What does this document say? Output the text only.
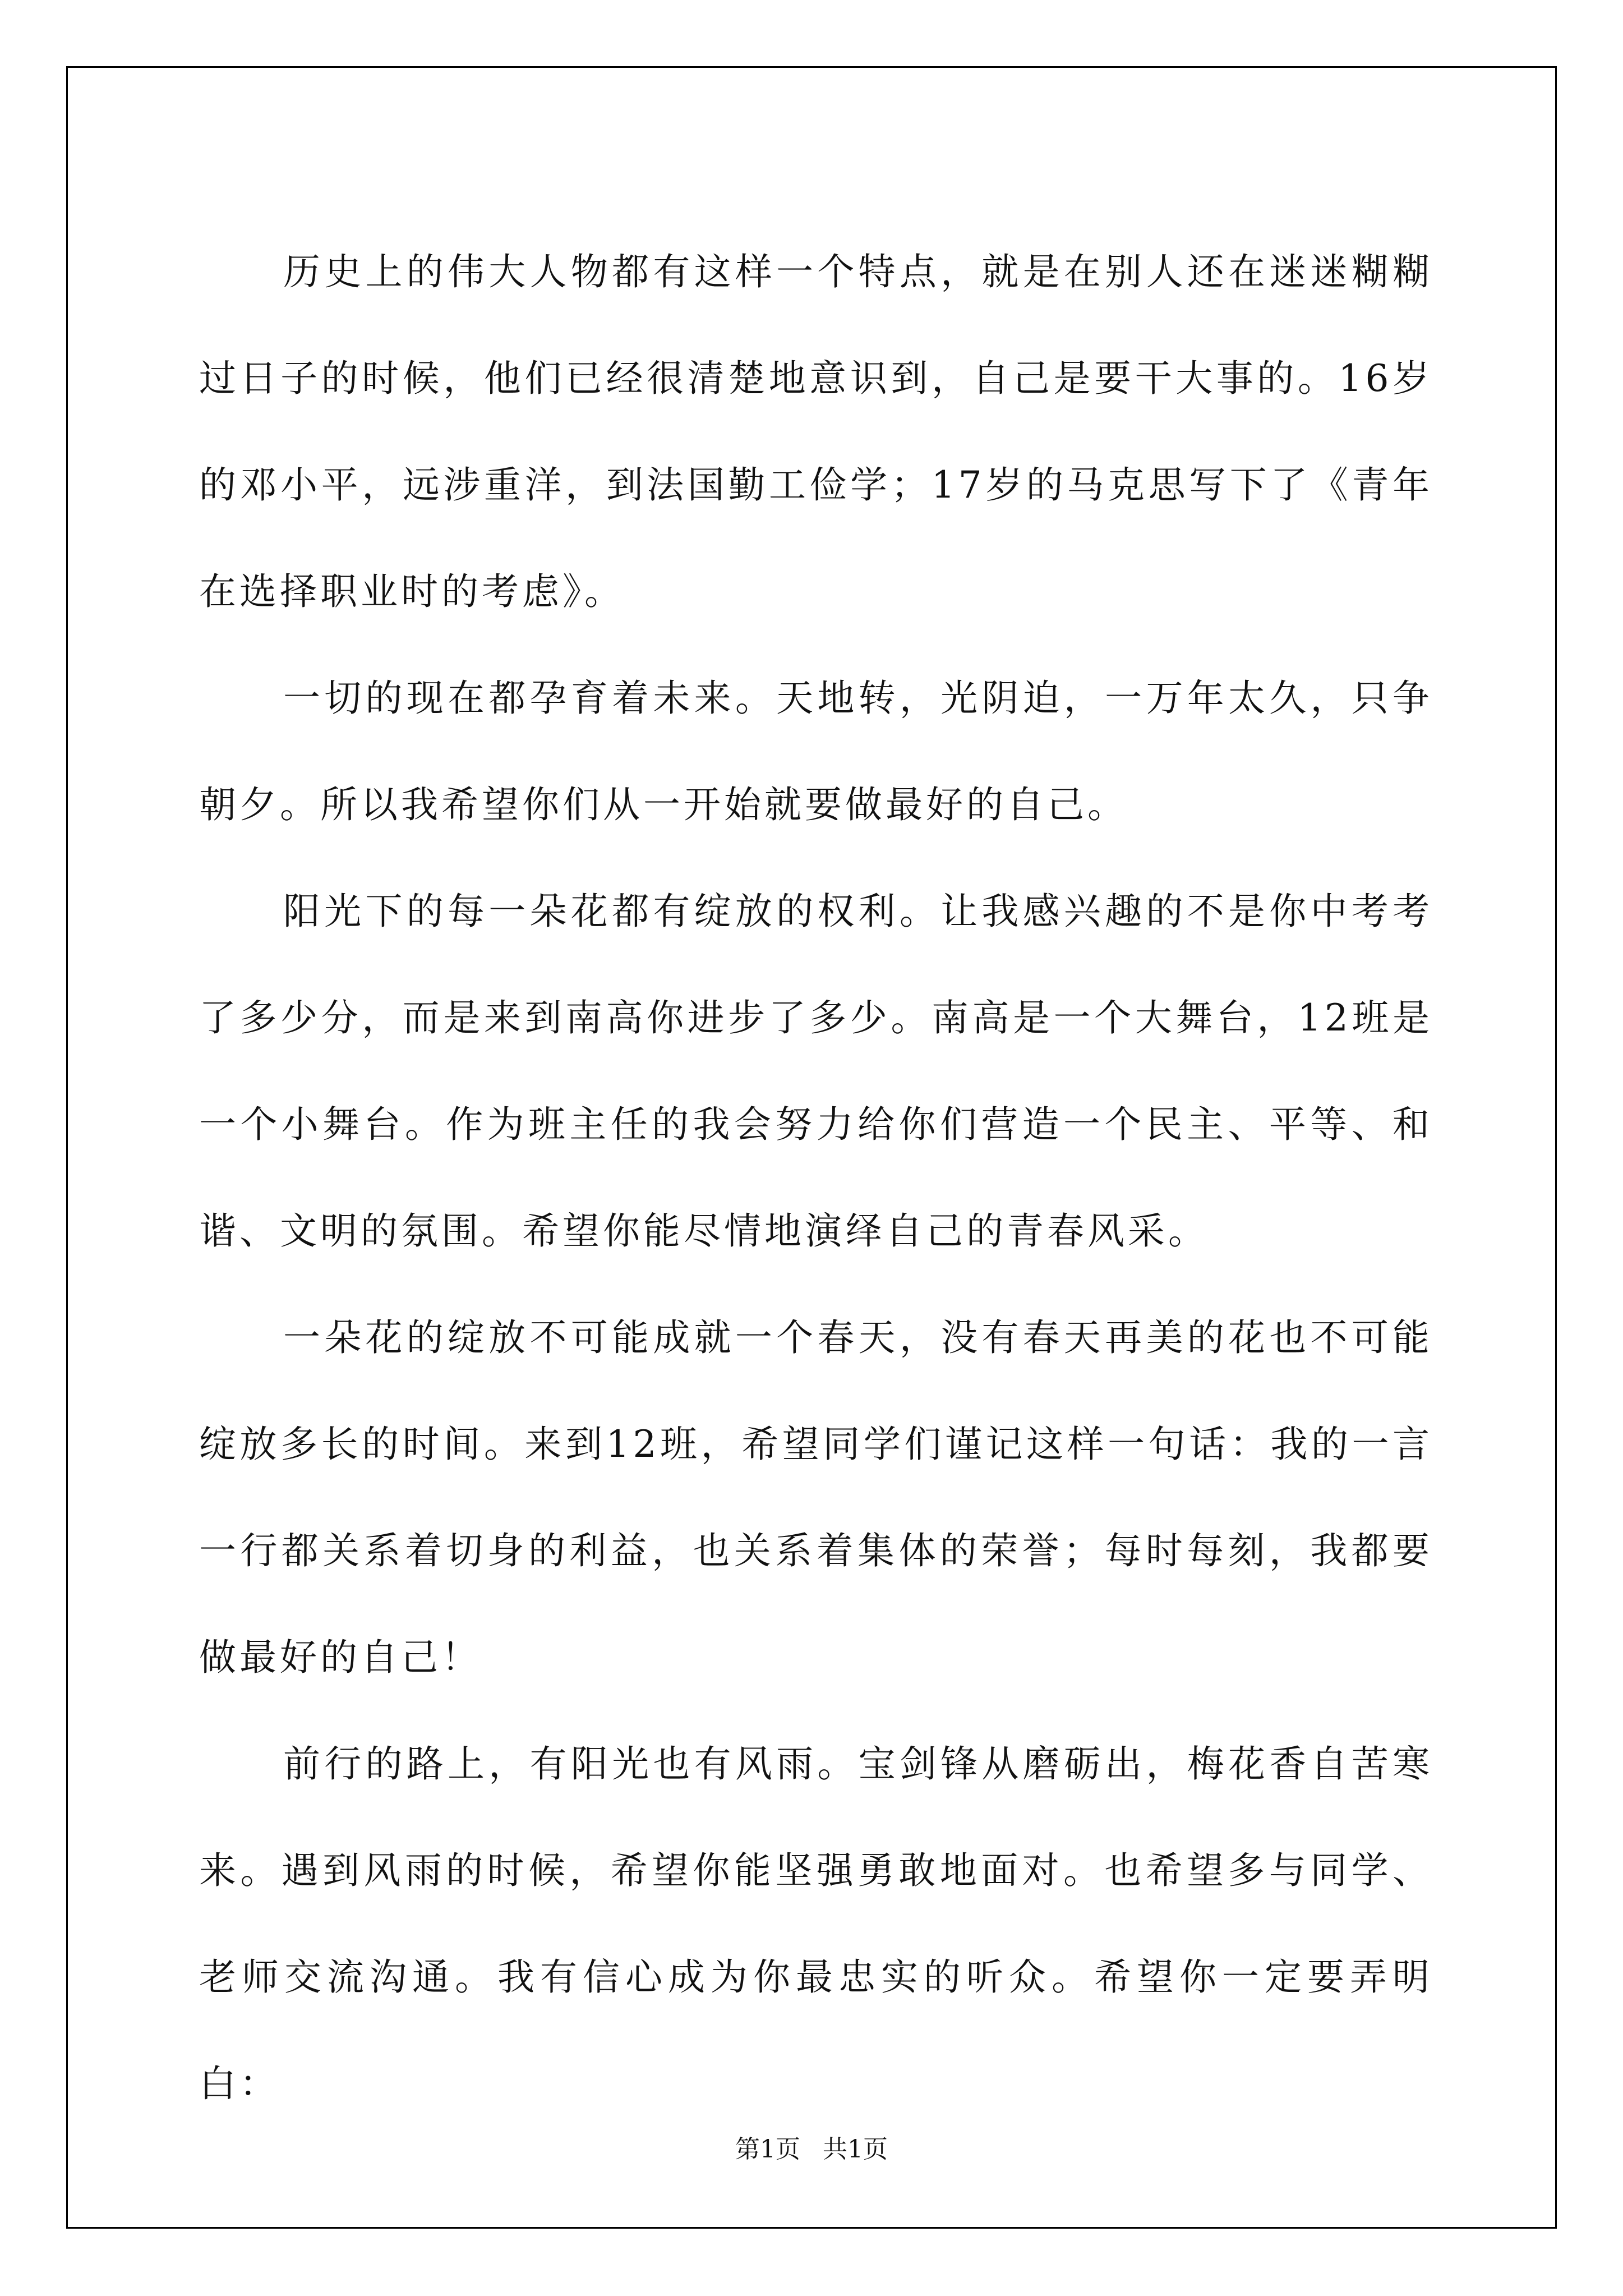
历史上的伟大人物都有这样一个特点，就是在别人还在迷迷糊糊过日子的时候，他们已经很清楚地意识到，自己是要干大事的。16岁的邓小平，远涉重洋，到法国勤工俭学；17岁的马克思写下了《青年在选择职业时的考虑》。

一切的现在都孕育着未来。天地转，光阴迫，一万年太久，只争朝夕。所以我希望你们从一开始就要做最好的自己。

阳光下的每一朵花都有绽放的权利。让我感兴趣的不是你中考考了多少分，而是来到南高你进步了多少。南高是一个大舞台，12班是一个小舞台。作为班主任的我会努力给你们营造一个民主、平等、和谐、文明的氛围。希望你能尽情地演绎自己的青春风采。

一朵花的绽放不可能成就一个春天，没有春天再美的花也不可能绽放多长的时间。来到12班，希望同学们谨记这样一句话：我的一言一行都关系着切身的利益，也关系着集体的荣誉；每时每刻，我都要做最好的自己！

前行的路上，有阳光也有风雨。宝剑锋从磨砺出，梅花香自苦寒来。遇到风雨的时候，希望你能坚强勇敢地面对。也希望多与同学、老师交流沟通。我有信心成为你最忠实的听众。希望你一定要弄明白：

第1页 共1页
